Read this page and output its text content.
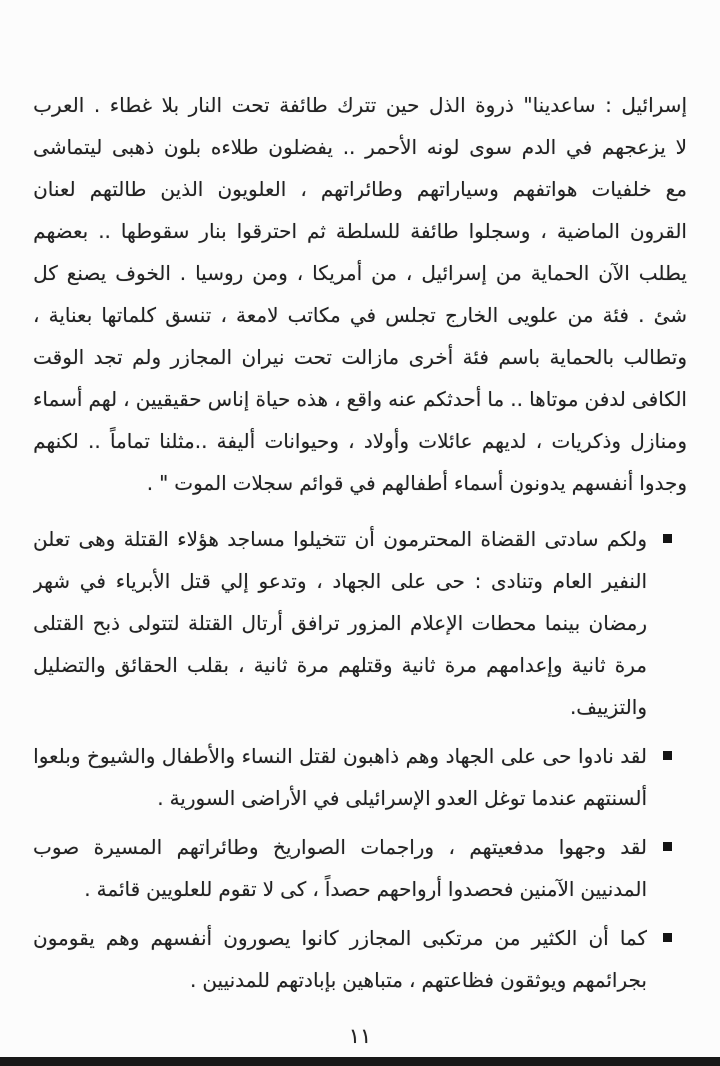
إسرائيل
:
ساعدينا"
ذروة
الذل
حين
تترك
طائفة
تحت
النار
بلا
غطاء
.
العرب
لا
يزعجهم
في
الدم
سوى
لونه
الأحمر
..
يفضلون
طلاءه
بلون
ذهبى
ليتماشى
مع
خلفيات
هواتفهم
وسياراتهم
وطائراتهم
،
العلويون
الذين
طالتهم
لعنان
القرون
الماضية
،
وسجلوا
طائفة
للسلطة
ثم
احترقوا
بنار
سقوطها
..
بعضهم
يطلب
الآن
الحماية
من
إسرائيل
،
من
أمريكا
،
ومن
روسيا
.
الخوف
يصنع
كل
شئ
.
فئة
من
علويى
الخارج
تجلس
في
مكاتب
لامعة
،
تنسق
كلماتها
بعناية
،
وتطالب
بالحماية
باسم
فئة
أخرى
مازالت
تحت
نيران
المجازر
ولم
تجد
الوقت
الكافى
لدفن
موتاها
..
ما
أحدثكم
عنه
واقع
،
هذه
حياة
إناس
حقيقيين
،
لهم
أسماء
ومنازل
وذكريات
،
لديهم
عائلات
وأولاد
،
وحيوانات
أليفة
..مثلنا
تماماً
..
لكنهم
وجدوا
أنفسهم
يدونون
أسماء
أطفالهم
في
قوائم
سجلات
الموت
"
.
ولكم
سادتى
القضاة
المحترمون
أن
تتخيلوا
مساجد
هؤلاء
القتلة
وهى
تعلن
النفير
العام
وتنادى
:
حى
على
الجهاد
،
وتدعو
إلي
قتل
الأبرياء
في
شهر
رمضان
بينما
محطات
الإعلام
المزور
ترافق
أرتال
القتلة
لتتولى
ذبح
القتلى
مرة
ثانية
وإعدامهم
مرة
ثانية
وقتلهم
مرة
ثانية
،
بقلب
الحقائق
والتضليل
والتزييف.
لقد
نادوا
حى
على
الجهاد
وهم
ذاهبون
لقتل
النساء
والأطفال
والشيوخ
وبلعوا
ألسنتهم
عندما
توغل
العدو
الإسرائيلى
في
الأراضى
السورية
.
لقد
وجهوا
مدفعيتهم
،
وراجمات
الصواريخ
وطائراتهم
المسيرة
صوب
المدنيين
الآمنين
فحصدوا
أرواحهم
حصداً
،
كى
لا
تقوم
للعلويين
قائمة
.
كما
أن
الكثير
من
مرتكبى
المجازر
كانوا
يصورون
أنفسهم
وهم
يقومون
بجرائمهم
ويوثقون
فظاعتهم
،
متباهين
بإبادتهم
للمدنيين
.
١١
